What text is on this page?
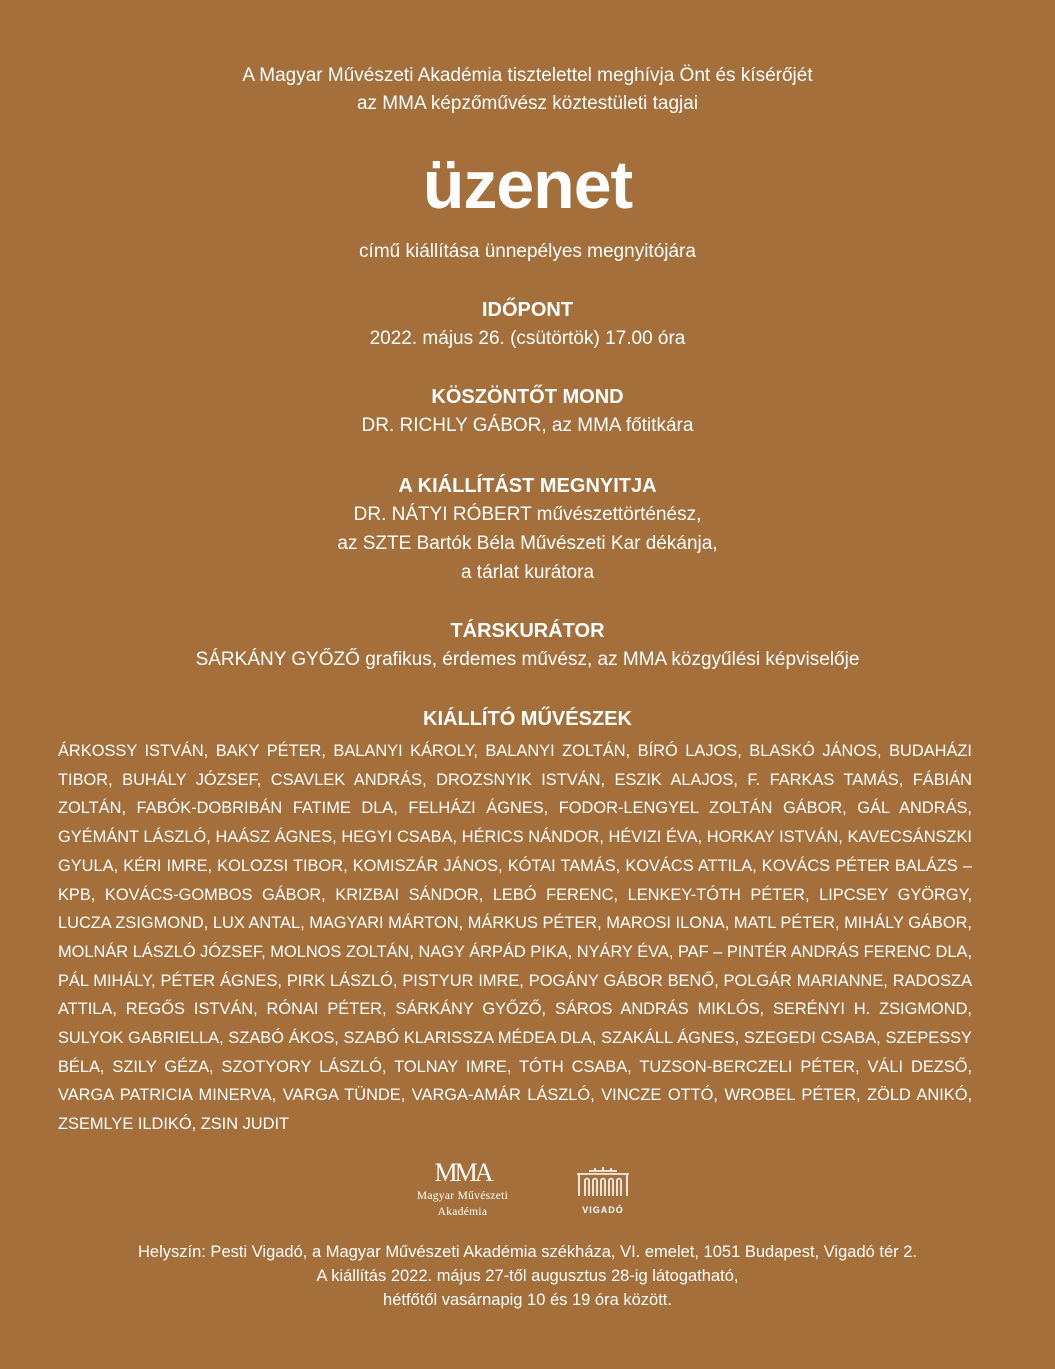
A Magyar Művészeti Akadémia tisztelettel meghívja Önt és kísérőjét
az MMA képzőművész köztestületi tagjai
üzenet
című kiállítása ünnepélyes megnyitójára
IDŐPONT

2022. május 26. (csütörtök) 17.00 óra

KÖSZÖNTŐT MOND

DR. RICHLY GÁBOR, az MMA főtitkára

A KIÁLLÍTÁST MEGNYITJA

DR. NÁTYI RÓBERT művészettörténész,

az SZTE Bartók Béla Művészeti Kar dékánja,

a tárlat kurátora

TÁRSKURÁTOR

SÁRKÁNY GYŐZŐ grafikus, érdemes művész, az MMA közgyűlési képviselője

KIÁLLÍTÓ MŰVÉSZEK
ÁRKOSSY ISTVÁN, BAKY PÉTER, BALANYI KÁROLY, BALANYI ZOLTÁN, BÍRÓ LAJOS, BLASKÓ JÁNOS, BUDAHÁZI TIBOR, BUHÁLY JÓZSEF, CSAVLEK ANDRÁS, DROZSNYIK ISTVÁN, ESZIK ALAJOS, F. FARKAS TAMÁS, FÁBIÁN ZOLTÁN, FABÓK-DOBRIBÁN FATIME DLA, FELHÁZI ÁGNES, FODOR-LENGYEL ZOLTÁN GÁBOR, GÁL ANDRÁS, GYÉMÁNT LÁSZLÓ, HAÁSZ ÁGNES, HEGYI CSABA, HÉRICS NÁNDOR, HÉVIZI ÉVA, HORKAY ISTVÁN, KAVECSÁNSZKI GYULA, KÉRI IMRE, KOLOZSI TIBOR, KOMISZÁR JÁNOS, KÓTAI TAMÁS, KOVÁCS ATTILA, KOVÁCS PÉTER BALÁZS – KPB, KOVÁCS-GOMBOS GÁBOR, KRIZBAI SÁNDOR, LEBÓ FERENC, LENKEY-TÓTH PÉTER, LIPCSEY GYÖRGY, LUCZA ZSIGMOND, LUX ANTAL, MAGYARI MÁRTON, MÁRKUS PÉTER, MAROSI ILONA, MATL PÉTER, MIHÁLY GÁBOR, MOLNÁR LÁSZLÓ JÓZSEF, MOLNOS ZOLTÁN, NAGY ÁRPÁD PIKA, NYÁRY ÉVA, PAF – PINTÉR ANDRÁS FERENC DLA, PÁL MIHÁLY, PÉTER ÁGNES, PIRK LÁSZLÓ, PISTYUR IMRE, POGÁNY GÁBOR BENŐ, POLGÁR MARIANNE, RADOSZA ATTILA, REGŐS ISTVÁN, RÓNAI PÉTER, SÁRKÁNY GYŐZŐ, SÁROS ANDRÁS MIKLÓS, SERÉNYI H. ZSIGMOND, SULYOK GABRIELLA, SZABÓ ÁKOS, SZABÓ KLARISSZA MÉDEA DLA, SZAKÁLL ÁGNES, SZEGEDI CSABA, SZEPESSY BÉLA, SZILY GÉZA, SZOTYORY LÁSZLÓ, TOLNAY IMRE, TÓTH CSABA, TUZSON-BERCZELI PÉTER, VÁLI DEZSŐ, VARGA PATRICIA MINERVA, VARGA TÜNDE, VARGA-AMÁR LÁSZLÓ, VINCZE OTTÓ, WROBEL PÉTER, ZÖLD ANIKÓ, ZSEMLYE ILDIKÓ, ZSIN JUDIT
MMA
Magyar Művészeti
Akadémia	VIGADÓ
Helyszín: Pesti Vigadó, a Magyar Művészeti Akadémia székháza, VI. emelet, 1051 Budapest, Vigadó tér 2.
A kiállítás 2022. május 27-től augusztus 28-ig látogatható,
hétfőtől vasárnapig 10 és 19 óra között.
